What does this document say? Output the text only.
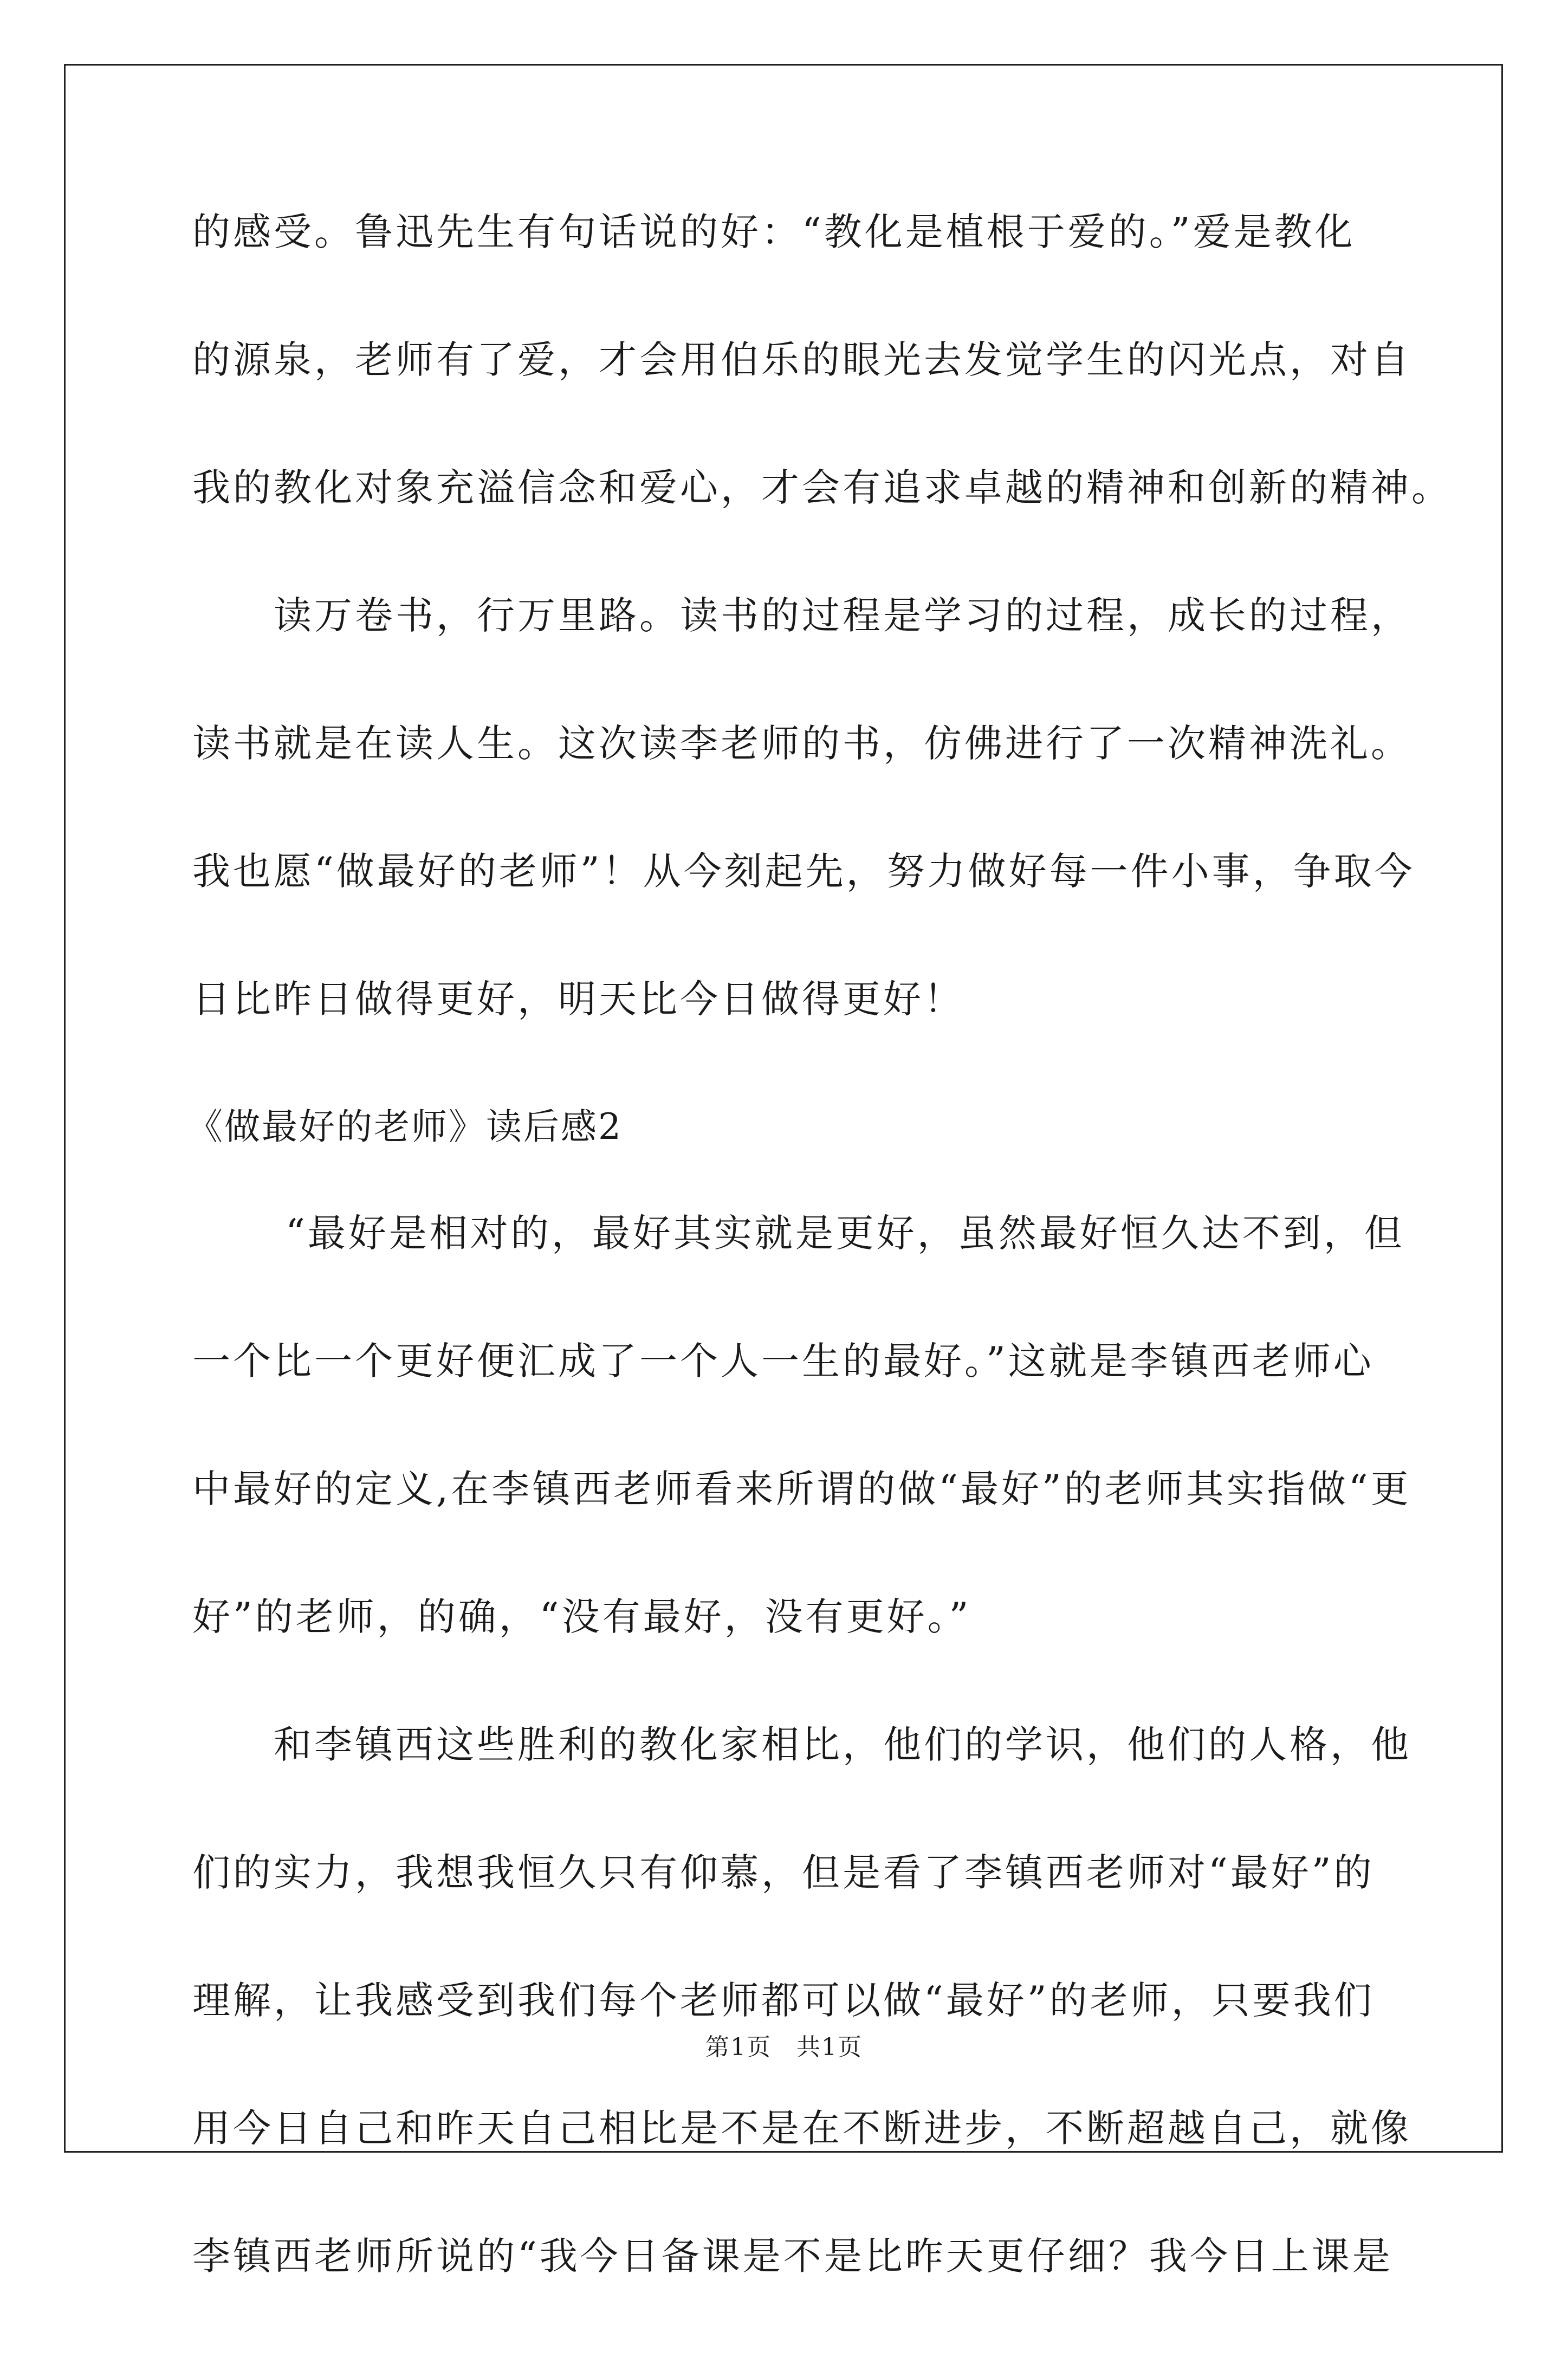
的感受。鲁迅先生有句话说的好：“教化是植根于爱的。”爱是教化
的源泉，老师有了爱，才会用伯乐的眼光去发觉学生的闪光点，对自
我的教化对象充溢信念和爱心，才会有追求卓越的精神和创新的精神。
读万卷书，行万里路。读书的过程是学习的过程，成长的过程，
读书就是在读人生。这次读李老师的书，仿佛进行了一次精神洗礼。
我也愿“做最好的老师”！从今刻起先，努力做好每一件小事，争取今
日比昨日做得更好，明天比今日做得更好！
《做最好的老师》读后感2
“最好是相对的，最好其实就是更好，虽然最好恒久达不到，但
一个比一个更好便汇成了一个人一生的最好。”这就是李镇西老师心
中最好的定义,在李镇西老师看来所谓的做“最好”的老师其实指做“更
好”的老师，的确，“没有最好，没有更好。”
和李镇西这些胜利的教化家相比，他们的学识，他们的人格，他
们的实力，我想我恒久只有仰慕，但是看了李镇西老师对“最好”的
理解，让我感受到我们每个老师都可以做“最好”的老师，只要我们
用今日自己和昨天自己相比是不是在不断进步，不断超越自己，就像
李镇西老师所说的“我今日备课是不是比昨天更仔细？我今日上课是
第1页　共1页
